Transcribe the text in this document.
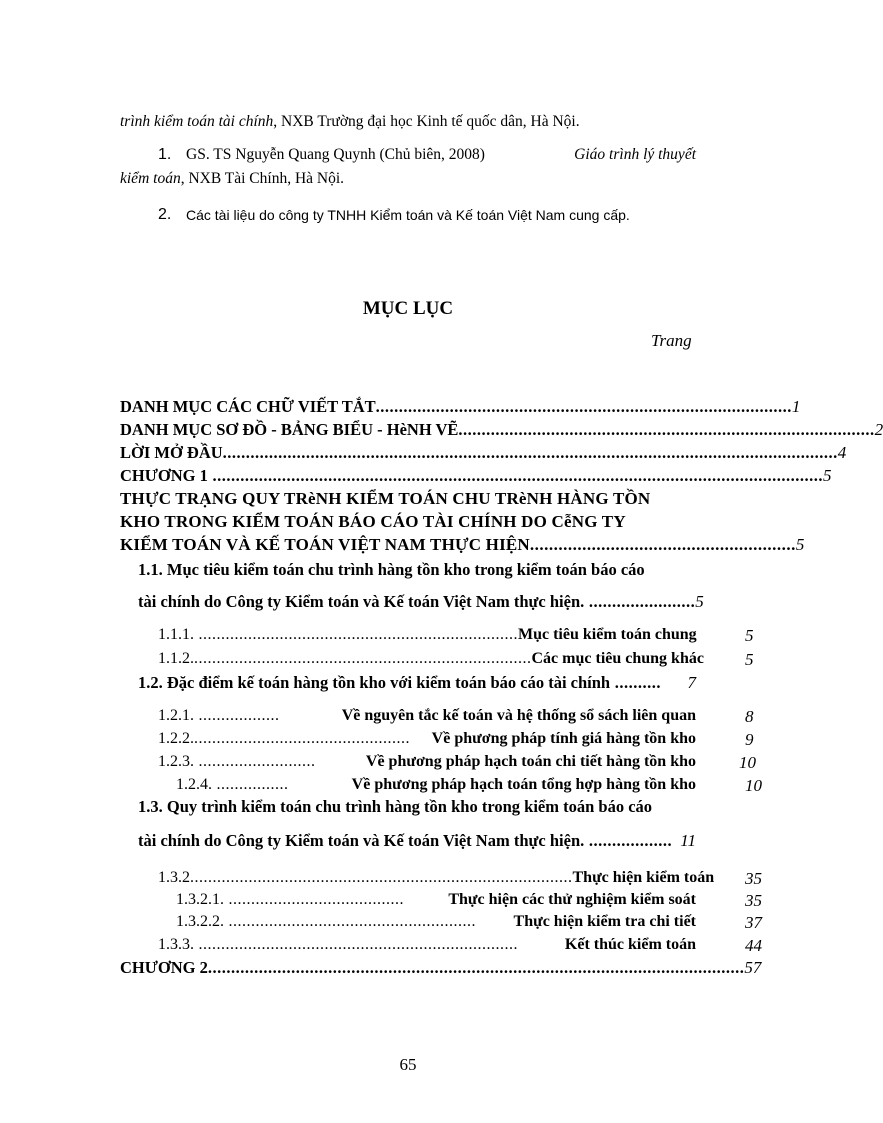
trình kiểm toán tài chính, NXB Trường đại học Kinh tế quốc dân, Hà Nội.
1. GS. TS Nguyễn Quang Quynh (Chủ biên, 2008)	Giáo trình lý thuyết
kiểm toán, NXB Tài Chính, Hà Nội.
2. Các tài liệu do công ty TNHH Kiểm toán và Kế toán Việt Nam cung cấp.
MỤC LỤC
Trang
DANH MỤC CÁC CHỮ VIẾT TẮT .......................................................................................... 1
DANH MỤC SƠ ĐỒ - BẢNG BIỂU - HèNH VẼ .......................................................................................... 2
LỜI MỞ ĐẦU ..................................................................................................................................... 4
CHƯƠNG 1 .................................................................................................................................... 5
THỰC TRẠNG QUY TRèNH KIỂM TOÁN CHU TRèNH HÀNG TỒN
KHO TRONG KIỂM TOÁN BÁO CÁO TÀI CHÍNH DO CễNG TY
KIỂM TOÁN VÀ KẾ TOÁN VIỆT NAM THỰC HIỆN ........................................................ 5
1.1. Mục tiêu kiểm toán chu trình hàng tồn kho trong kiểm toán báo cáo
tài chính do Công ty Kiểm toán và Kế toán Việt Nam thực hiện. ....................... 5
1.1.1. ....................................................................... Mục tiêu kiểm toán chung	5
1.1.2. ........................................................................... Các mục tiêu chung khác 5
1.2. Đặc điểm kế toán hàng tồn kho với kiểm toán báo cáo tài chính ..........	7
1.2.1. ..................	Về nguyên tắc kế toán và hệ thống sổ sách liên quan	8
1.2.2. ................................................	Về phương pháp tính giá hàng tồn kho	9
1.2.3. ..........................	Về phương pháp hạch toán chi tiết hàng tồn kho	10
1.2.4. ................	Về phương pháp hạch toán tổng hợp hàng tồn kho	10
1.3. Quy trình kiểm toán chu trình hàng tồn kho trong kiểm toán báo cáo
tài chính do Công ty Kiểm toán và Kế toán Việt Nam thực hiện. .................. 11
1.3.2 ..................................................................................... Thực hiện kiểm toán 35
1.3.2.1. .......................................	Thực hiện các thử nghiệm kiểm soát	35
1.3.2.2. .......................................................	Thực hiện kiểm tra chi tiết	37
1.3.3. .......................................................................	Kết thúc kiểm toán	44
CHƯƠNG 2 .................................................................................................................... 57
65
